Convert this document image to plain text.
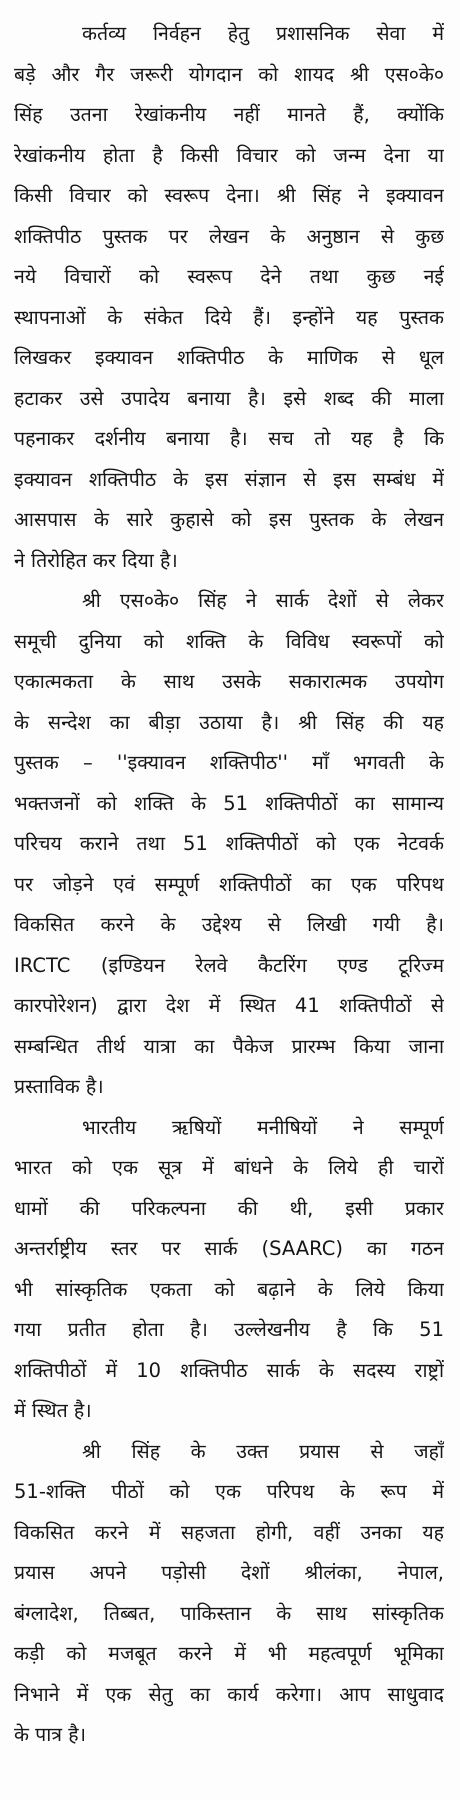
कर्तव्य निर्वहन हेतु प्रशासनिक सेवा में
बड़े और गैर जरूरी योगदान को शायद श्री एस०के०
सिंह उतना रेखांकनीय नहीं मानते हैं, क्योंकि
रेखांकनीय होता है किसी विचार को जन्म देना या
किसी विचार को स्वरूप देना। श्री सिंह ने इक्यावन
शक्तिपीठ पुस्तक पर लेखन के अनुष्ठान से कुछ
नये विचारों को स्वरूप देने तथा कुछ नई
स्थापनाओं के संकेत दिये हैं। इन्होंने यह पुस्तक
लिखकर इक्यावन शक्तिपीठ के माणिक से धूल
हटाकर उसे उपादेय बनाया है। इसे शब्द की माला
पहनाकर दर्शनीय बनाया है। सच तो यह है कि
इक्यावन शक्तिपीठ के इस संज्ञान से इस सम्बंध में
आसपास के सारे कुहासे को इस पुस्तक के लेखन
ने तिरोहित कर दिया है।
श्री एस०के० सिंह ने सार्क देशों से लेकर
समूची दुनिया को शक्ति के विविध स्वरूपों को
एकात्मकता के साथ उसके सकारात्मक उपयोग
के सन्देश का बीड़ा उठाया है। श्री सिंह की यह
पुस्तक – ''इक्यावन शक्तिपीठ'' माँ भगवती के
भक्तजनों को शक्ति के 51 शक्तिपीठों का सामान्य
परिचय कराने तथा 51 शक्तिपीठों को एक नेटवर्क
पर जोड़ने एवं सम्पूर्ण शक्तिपीठों का एक परिपथ
विकसित करने के उद्देश्य से लिखी गयी है।
IRCTC (इण्डियन रेलवे कैटरिंग एण्ड टूरिज्म
कारपोरेशन) द्वारा देश में स्थित 41 शक्तिपीठों से
सम्बन्धित तीर्थ यात्रा का पैकेज प्रारम्भ किया जाना
प्रस्ताविक है।
भारतीय ऋषियों मनीषियों ने सम्पूर्ण
भारत को एक सूत्र में बांधने के लिये ही चारों
धामों की परिकल्पना की थी, इसी प्रकार
अन्तर्राष्ट्रीय स्तर पर सार्क (SAARC) का गठन
भी सांस्कृतिक एकता को बढ़ाने के लिये किया
गया प्रतीत होता है। उल्लेखनीय है कि 51
शक्तिपीठों में 10 शक्तिपीठ सार्क के सदस्य राष्ट्रों
में स्थित है।
श्री सिंह के उक्त प्रयास से जहाँ
51-शक्ति पीठों को एक परिपथ के रूप में
विकसित करने में सहजता होगी, वहीं उनका यह
प्रयास अपने पड़ोसी देशों श्रीलंका, नेपाल,
बंग्लादेश, तिब्बत, पाकिस्तान के साथ सांस्कृतिक
कड़ी को मजबूत करने में भी महत्वपूर्ण भूमिका
निभाने में एक सेतु का कार्य करेगा। आप साधुवाद
के पात्र है।
